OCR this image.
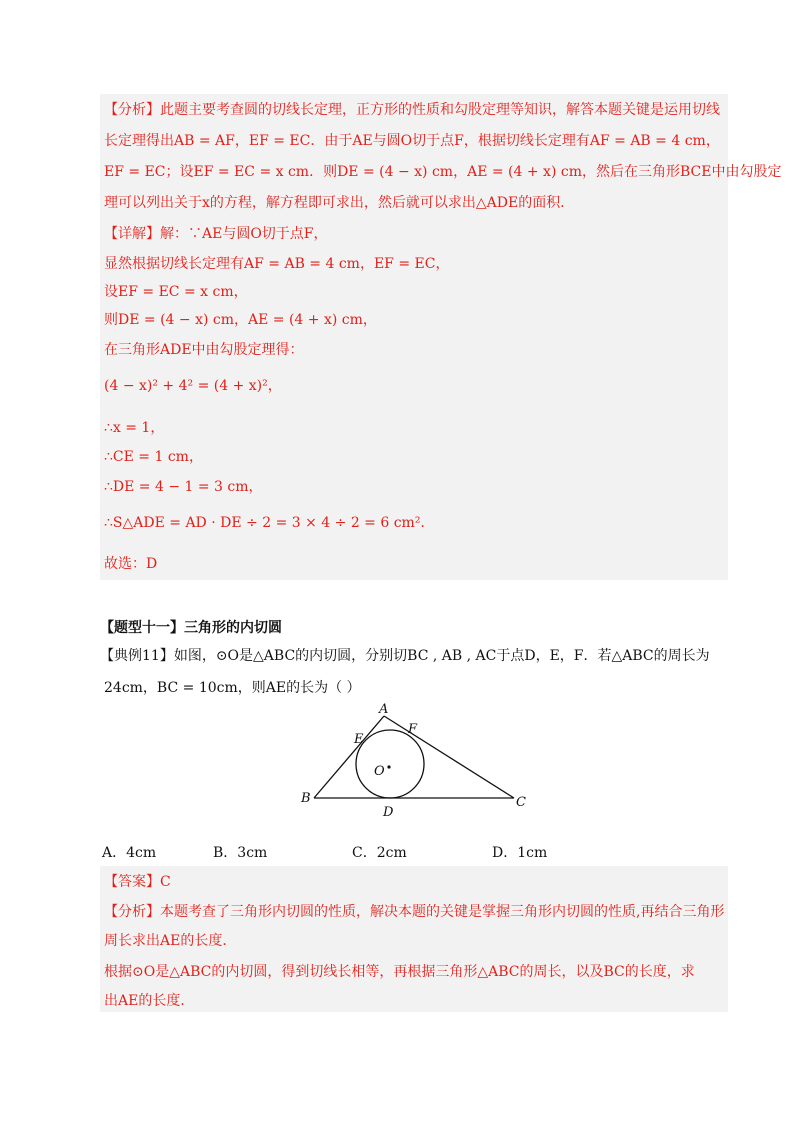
【分析】此题主要考查圆的切线长定理，正方形的性质和勾股定理等知识，解答本题关键是运用切线
长定理得出AB = AF，EF = EC．由于AE与圆O切于点F，根据切线长定理有AF = AB = 4 cm，
EF = EC；设EF = EC = x cm．则DE = (4 − x) cm，AE = (4 + x) cm，然后在三角形BCE中由勾股定
理可以列出关于x的方程，解方程即可求出，然后就可以求出△ADE的面积．
【详解】解：∵AE与圆O切于点F，
显然根据切线长定理有AF = AB = 4 cm，EF = EC，
设EF = EC = x cm，
则DE = (4 − x) cm，AE = (4 + x) cm，
在三角形ADE中由勾股定理得：
(4 − x)² + 4² = (4 + x)²，
∴x = 1，
∴CE = 1 cm，
∴DE = 4 − 1 = 3 cm，
∴S△ADE = AD · DE ÷ 2 = 3 × 4 ÷ 2 = 6 cm²．
故选：D
【题型十一】三角形的内切圆
【典例11】如图，⊙O是△ABC的内切圆，分别切BC , AB , AC于点D，E，F．若△ABC的周长为
24cm，BC = 10cm，则AE的长为（ ）
A
B	C
D
E
F
O
A．4cm	B．3cm	C．2cm	D．1cm
【答案】C
【分析】本题考查了三角形内切圆的性质，解决本题的关键是掌握三角形内切圆的性质,再结合三角形
周长求出AE的长度．
根据⊙O是△ABC的内切圆，得到切线长相等，再根据三角形△ABC的周长，以及BC的长度，求
出AE的长度．
